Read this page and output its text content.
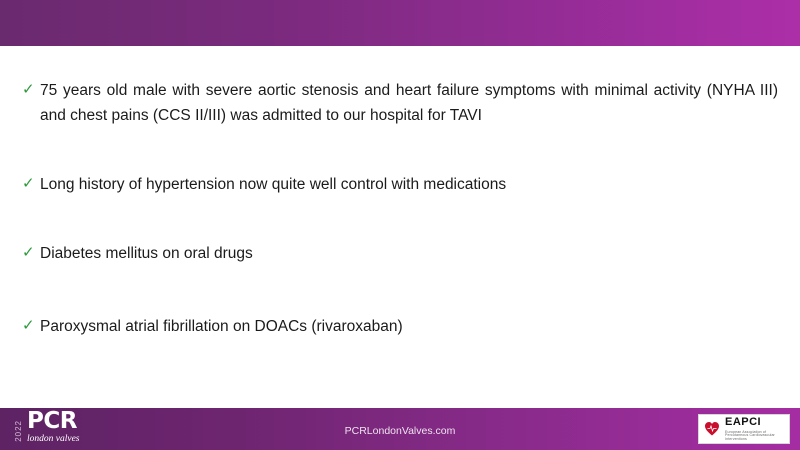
✓ 75 years old male with severe aortic stenosis and heart failure symptoms with minimal activity (NYHA III) and chest pains (CCS II/III) was admitted to our hospital for TAVI
✓ Long history of hypertension now quite well control with medications
✓ Diabetes mellitus on oral drugs
✓ Paroxysmal atrial fibrillation on DOACs (rivaroxaban)
2022 PCR
london valves
PCRLondonValves.com
EAPCI
European Association of Percutaneous Cardiovascular Interventions
